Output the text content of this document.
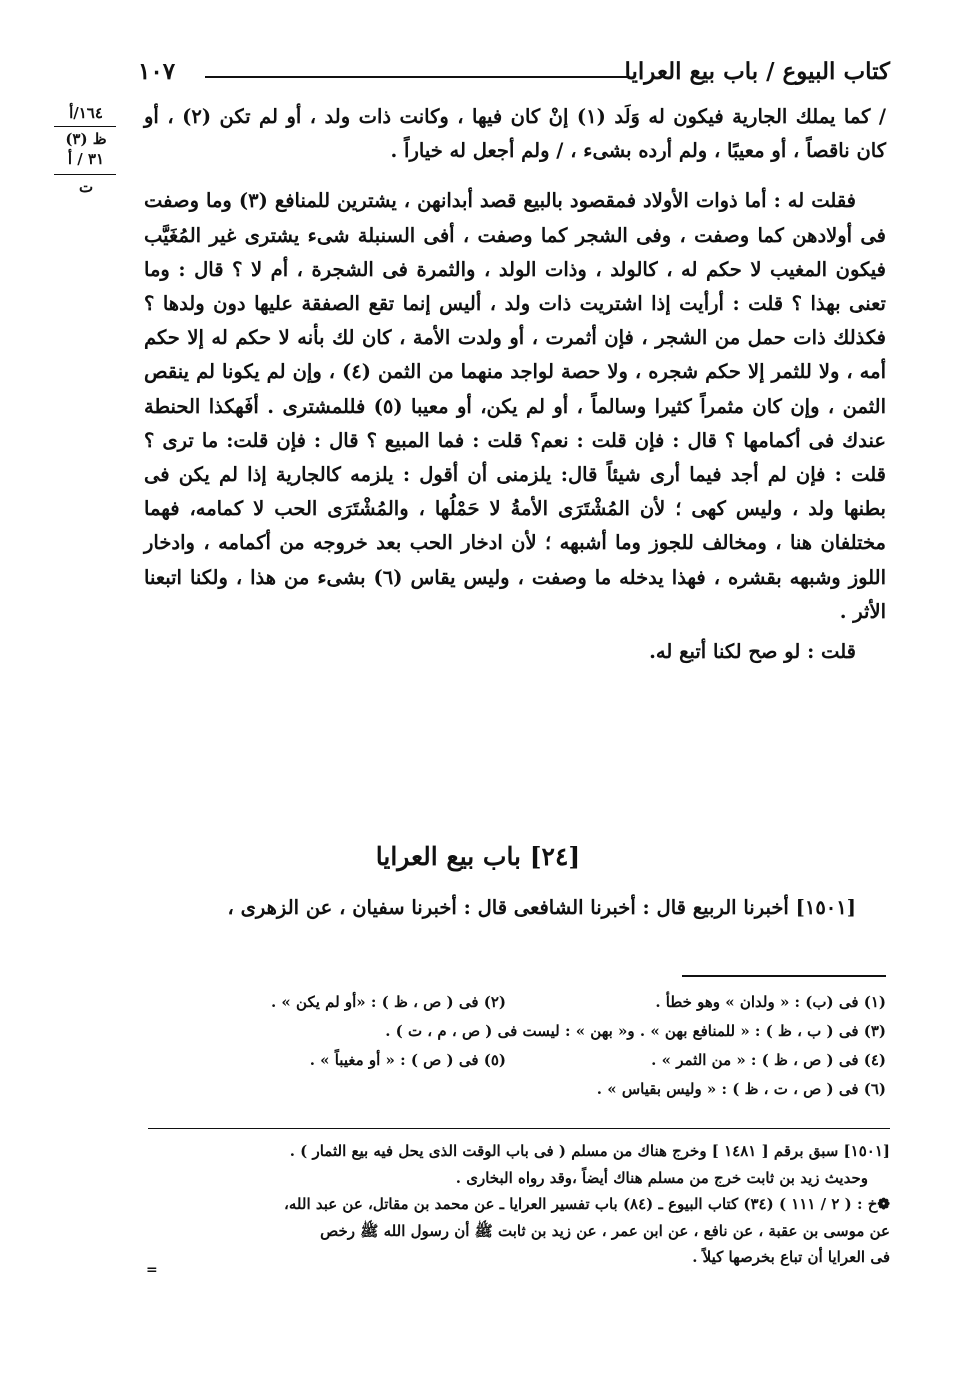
كتاب البيوع / باب بيع العرايا
١٠٧
١٦٤/أ
ظ (٣)
٣١ / أ
ت

/ كما يملك الجارية فيكون له وَلَد (١) إنْ كان فيها ، وكانت ذات ولد ، أو لم تكن (٢) ، أو كان ناقصاً ، أو معيبًا ، ولم أرده بشىء ، / ولم أجعل له خياراً .

فقلت له : أما ذوات الأولاد فمقصود بالبيع قصد أبدانهن ، يشترين للمنافع (٣) وما وصفت فى أولادهن كما وصفت ، وفى الشجر كما وصفت ، أفى السنبلة شىء يشترى غير المُغَيَّب فيكون المغيب لا حكم له ، كالولد ، وذات الولد ، والثمرة فى الشجرة ، أم لا ؟ قال : وما تعنى بهذا ؟ قلت : أرأيت إذا اشتريت ذات ولد ، أليس إنما تقع الصفقة عليها دون ولدها ؟ فكذلك ذات حمل من الشجر ، فإن أثمرت ، أو ولدت الأمة ، كان لك بأنه لا حكم له إلا حكم أمه ، ولا للثمر إلا حكم شجره ، ولا حصة لواجد منهما من الثمن (٤) ، وإن لم يكونا لم ينقص الثمن ، وإن كان مثمراً كثيرا وسالماً ، أو لم يكن، أو معيبا (٥) فللمشترى . أفَهكذا الحنطة عندك فى أكمامها ؟ قال : فإن قلت : نعم؟ قلت : فما المبيع ؟ قال : فإن قلت: ما ترى ؟ قلت : فإن لم أجد فيما أرى شيئاً قال: يلزمنى أن أقول : يلزمه كالجارية إذا لم يكن فى بطنها ولد ، وليس كهى ؛ لأن المُشْتَرَى الأمةُ لا حَمْلُها ، والمُشْتَرَى الحب لا كمامه، فهما مختلفان هنا ، ومخالف للجوز وما أشبهه ؛ لأن ادخار الحب بعد خروجه من أكمامه ، وادخار اللوز وشبهه بقشره ، فهذا يدخله ما وصفت ، وليس يقاس (٦) بشىء من هذا ، ولكنا اتبعنا الأثر .

قلت : لو صح لكنا أتبع له.

[٢٤] باب بيع العرايا
[١٥٠١] أخبرنا الربيع قال : أخبرنا الشافعى قال : أخبرنا سفيان ، عن الزهرى ،
(١) فى (ب) : « ولدان » وهو خطأ .
(٢) فى ( ص ، ظ ) : «أو لم يكن » .
(٣) فى ( ب ، ظ ) : « للمنافع بهن » . و« بهن » : ليست فى ( ص ، م ، ت ) .
(٤) فى ( ص ، ظ ) : « من الثمر » .
(٥) فى ( ص ) : « أو مغيباً » .
(٦) فى ( ص ، ت ، ظ ) : « وليس بقياس » .

[١٥٠١] سبق برقم [ ١٤٨١ ] وخرج هناك من مسلم ( فى باب الوقت الذى يحل فيه بيع الثمار ) .

وحديث زيد بن ثابت خرج من مسلم هناك أيضاً ،وقد رواه البخارى .

❁خ : ( ٢ / ١١١ ) (٣٤) كتاب البيوع ـ (٨٤) باب تفسير العرايا ـ عن محمد بن مقاتل، عن عبد الله،

عن موسى بن عقبة ، عن نافع ، عن ابن عمر ، عن زيد بن ثابت ﷺ أن رسول الله ﷺ رخص

فى العرايا أن تباع بخرصها كيلاً .

=
